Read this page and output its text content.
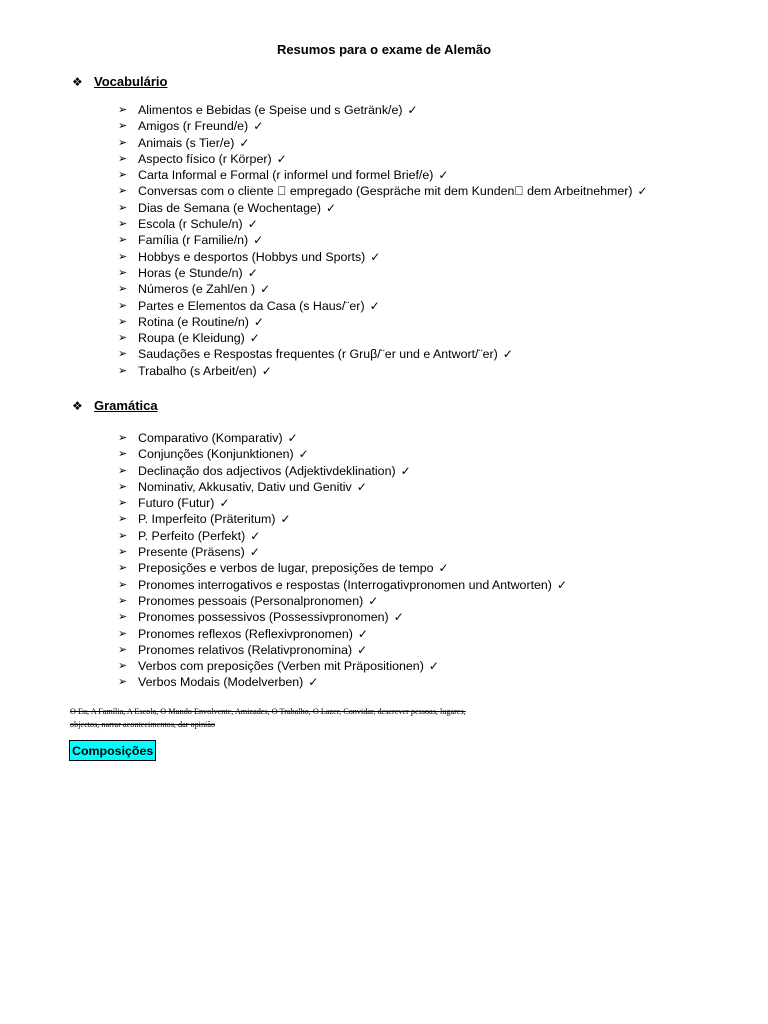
Resumos para o exame de Alemão
❖ Vocabulário
➢ Alimentos e Bebidas (e Speise und s Getränk/e) ✓
➢ Amigos (r Freund/e) ✓
➢ Animais (s Tier/e) ✓
➢ Aspecto físico (r Körper) ✓
➢ Carta Informal e Formal (r informel und formel Brief/e) ✓
➢ Conversas com o cliente empregado (Gespräche mit dem Kunden dem Arbeitnehmer) ✓
➢ Dias de Semana (e Wochentage) ✓
➢ Escola (r Schule/n) ✓
➢ Família (r Familie/n) ✓
➢ Hobbys e desportos (Hobbys und Sports) ✓
➢ Horas (e Stunde/n) ✓
➢ Números (e Zahl/en ) ✓
➢ Partes e Elementos da Casa (s Haus/¨er) ✓
➢ Rotina (e Routine/n) ✓
➢ Roupa (e Kleidung) ✓
➢ Saudações e Respostas frequentes (r Gruβ/¨er und e Antwort/¨er) ✓
➢ Trabalho (s Arbeit/en) ✓
❖ Gramática
➢ Comparativo (Komparativ) ✓
➢ Conjunções (Konjunktionen) ✓
➢ Declinação dos adjectivos (Adjektivdeklination) ✓
➢ Nominativ, Akkusativ, Dativ und Genitiv ✓
➢ Futuro (Futur) ✓
➢ P. Imperfeito (Präteritum) ✓
➢ P. Perfeito (Perfekt) ✓
➢ Presente (Präsens) ✓
➢ Preposições e verbos de lugar, preposições de tempo ✓
➢ Pronomes interrogativos e respostas (Interrogativpronomen und Antworten) ✓
➢ Pronomes pessoais (Personalpronomen) ✓
➢ Pronomes possessivos (Possessivpronomen) ✓
➢ Pronomes reflexos (Reflexivpronomen) ✓
➢ Pronomes relativos (Relativpronomina) ✓
➢ Verbos com preposições (Verben mit Präpositionen) ✓
➢ Verbos Modais (Modelverben) ✓
O Eu, A Família, A Escola, O Mundo Envolvente, Amizades, O Trabalho, O Lazer, Convidar, descrever pessoas, lugares, objectos, narrar acontecimentos, dar opinião
Composições
